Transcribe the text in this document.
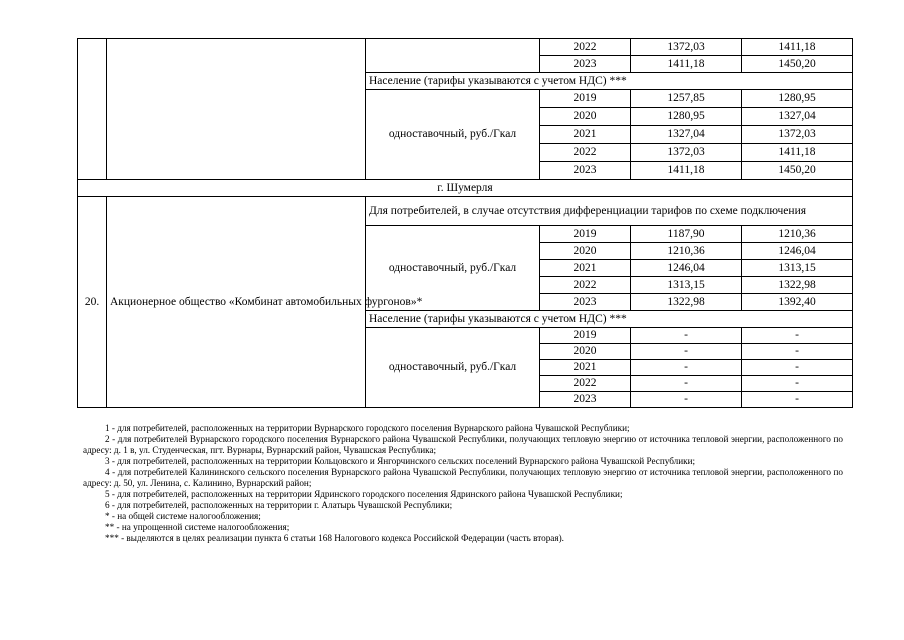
			2022	1372,03	1411,18
			2023	1411,18	1450,20
		Население (тарифы указываются с учетом НДС) ***			
		одноставочный, руб./Гкал	2019	1257,85	1280,95
			2020	1280,95	1327,04
			2021	1327,04	1372,03
			2022	1372,03	1411,18
			2023	1411,18	1450,20
г. Шумерля					
20.	Акционерное общество «Комбинат автомобильных фургонов»*	Для потребителей, в случае отсутствия дифференциации тарифов по схеме подключения			
		одноставочный, руб./Гкал	2019	1187,90	1210,36
			2020	1210,36	1246,04
			2021	1246,04	1313,15
			2022	1313,15	1322,98
			2023	1322,98	1392,40
		Население (тарифы указываются с учетом НДС) ***			
		одноставочный, руб./Гкал	2019	-	-
			2020	-	-
			2021	-	-
			2022	-	-
			2023	-	-

1 - для потребителей, расположенных на территории Вурнарского городского поселения Вурнарского района Чувашской Республики;

2 - для потребителей Вурнарского городского поселения Вурнарского района Чувашской Республики, получающих тепловую энергию от источника тепловой энергии, расположенного по адресу: д. 1 в, ул. Студенческая, пгт. Вурнары, Вурнарский район, Чувашская Республика;

3 - для потребителей, расположенных на территории Кольцовского и Янгорчинского сельских поселений Вурнарского района Чувашской Республики;

4 - для потребителей Калининского сельского поселения Вурнарского района Чувашской Республики, получающих тепловую энергию от источника тепловой энергии, расположенного по адресу: д. 50, ул. Ленина, с. Калинино, Вурнарский район;

5 - для потребителей, расположенных на территории Ядринского городского поселения Ядринского района Чувашской Республики;

6 - для потребителей, расположенных на территории г. Алатырь Чувашской Республики;

* - на общей системе налогообложения;

** - на упрощенной системе налогообложения;

*** - выделяются в целях реализации пункта 6 статьи 168 Налогового кодекса Российской Федерации (часть вторая).
